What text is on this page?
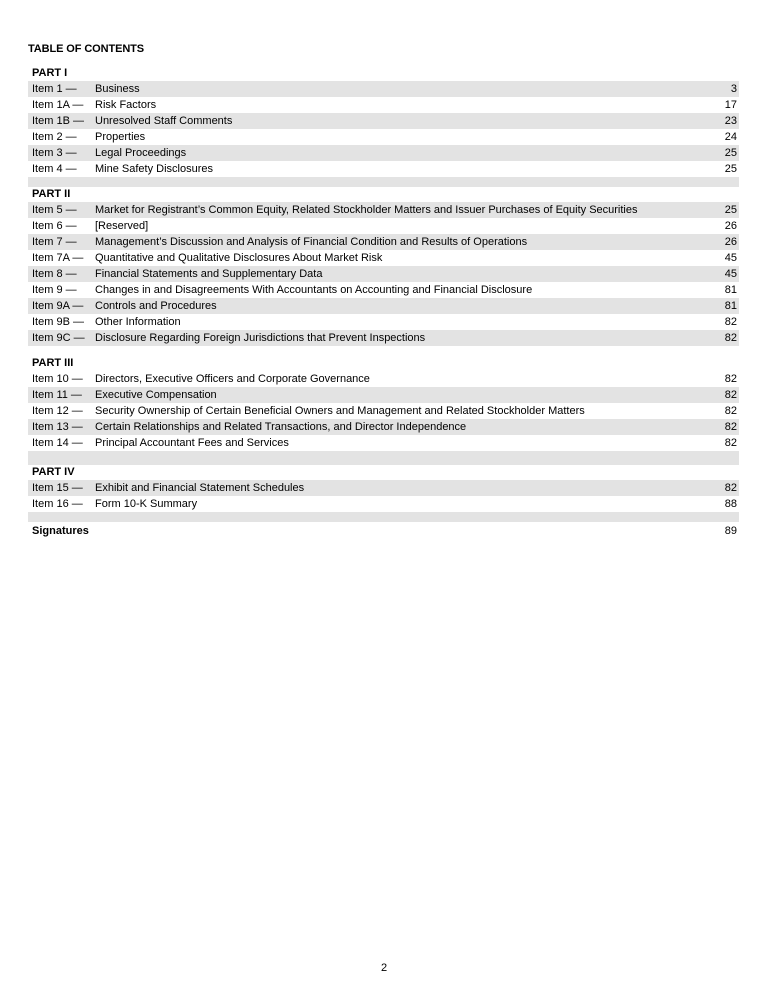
TABLE OF CONTENTS
PART I
Item 1 — Business	3
Item 1A — Risk Factors	17
Item 1B — Unresolved Staff Comments	23
Item 2 — Properties	24
Item 3 — Legal Proceedings	25
Item 4 — Mine Safety Disclosures	25
PART II
Item 5 — Market for Registrant’s Common Equity, Related Stockholder Matters and Issuer Purchases of Equity Securities	25
Item 6 — [Reserved]	26
Item 7 — Management’s Discussion and Analysis of Financial Condition and Results of Operations	26
Item 7A — Quantitative and Qualitative Disclosures About Market Risk	45
Item 8 — Financial Statements and Supplementary Data	45
Item 9 — Changes in and Disagreements With Accountants on Accounting and Financial Disclosure	81
Item 9A — Controls and Procedures	81
Item 9B — Other Information	82
Item 9C — Disclosure Regarding Foreign Jurisdictions that Prevent Inspections	82
PART III
Item 10 — Directors, Executive Officers and Corporate Governance	82
Item 11 — Executive Compensation	82
Item 12 — Security Ownership of Certain Beneficial Owners and Management and Related Stockholder Matters	82
Item 13 — Certain Relationships and Related Transactions, and Director Independence	82
Item 14 — Principal Accountant Fees and Services	82
PART IV
Item 15 — Exhibit and Financial Statement Schedules	82
Item 16 — Form 10-K Summary	88
Signatures	89
2
